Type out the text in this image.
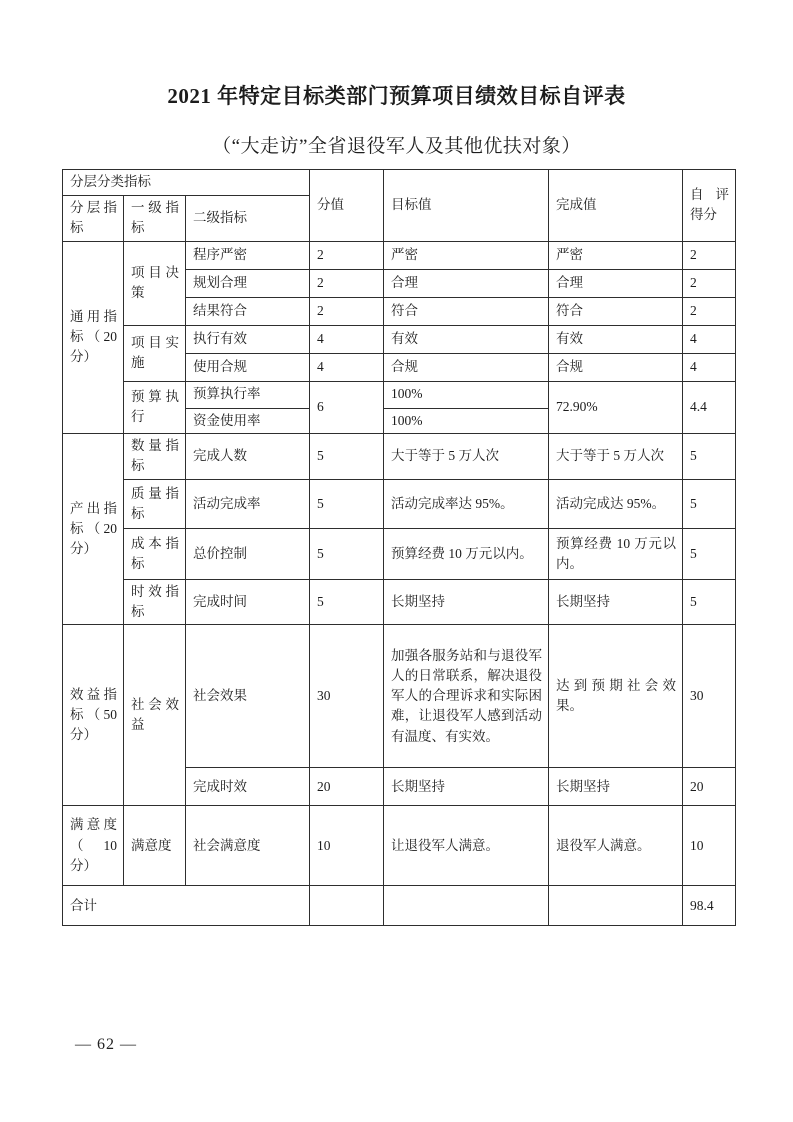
2021 年特定目标类部门预算项目绩效目标自评表
（“大走访”全省退役军人及其他优扶对象）
分层分类指标			分值	目标值	完成值	自评得分
分层指标	一级指标	二级指标				
通用指标（20分）	项目决策	程序严密	2	严密	严密	2
		规划合理	2	合理	合理	2
		结果符合	2	符合	符合	2
	项目实施	执行有效	4	有效	有效	4
		使用合规	4	合规	合规	4
	预算执行	预算执行率	6	100%	72.90%	4.4
		资金使用率		100%		
产出指标（20分）	数量指标	完成人数	5	大于等于 5 万人次	大于等于 5 万人次	5
	质量指标	活动完成率	5	活动完成率达 95%。	活动完成达 95%。	5
	成本指标	总价控制	5	预算经费 10 万元以内。	预算经费 10 万元以内。	5
	时效指标	完成时间	5	长期坚持	长期坚持	5
效益指标（50分）	社会效益	社会效果	30	加强各服务站和与退役军人的日常联系，解决退役军人的合理诉求和实际困难，让退役军人感到活动有温度、有实效。	达到预期社会效果。	30
		完成时效	20	长期坚持	长期坚持	20
满意度（10分）	满意度	社会满意度	10	让退役军人满意。	退役军人满意。	10
合计						98.4
— 62 —
